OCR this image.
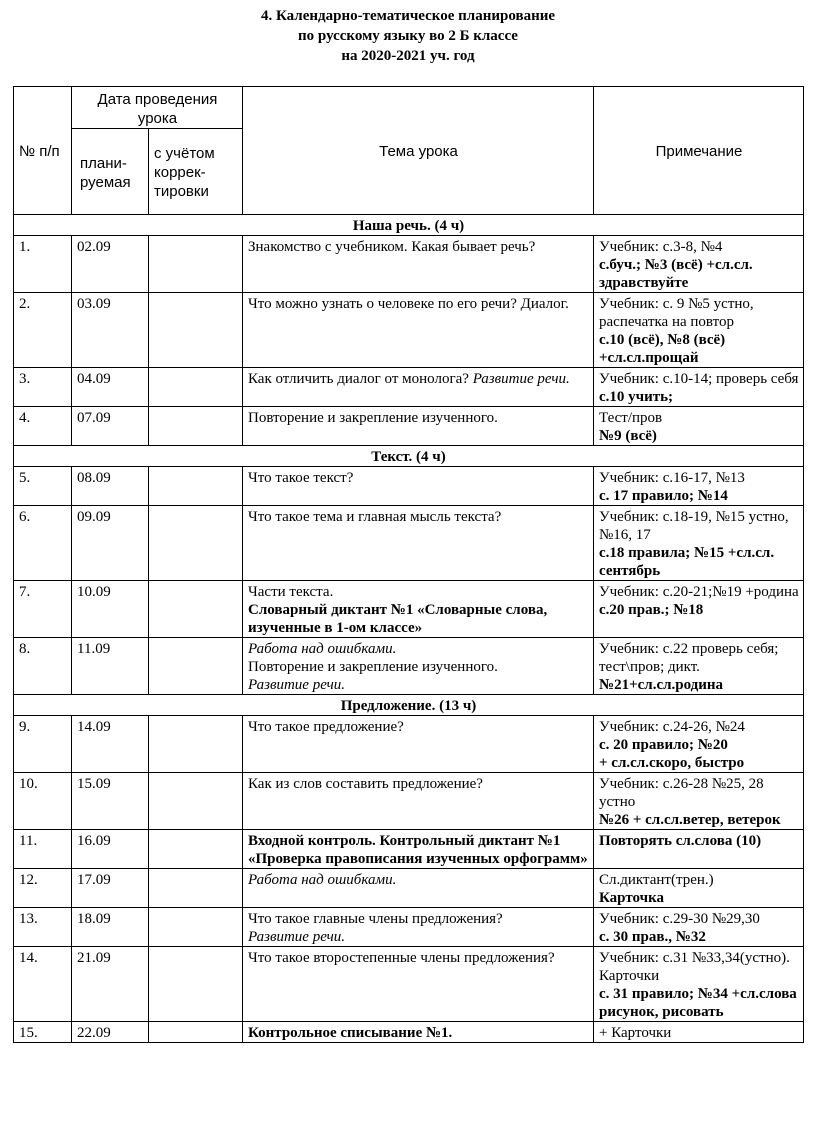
4. Календарно-тематическое планирование
по русскому языку во 2 Б классе
на 2020-2021 уч. год
№ п/п	Дата проведения урока		Тема урока	Примечание
	плани-руемая	с учётом коррек-тировки		
Наша речь. (4 ч)				
1.	02.09		Знакомство с учебником. Какая бывает речь?	Учебник: с.3-8, №4
с.буч.; №3 (всё) +сл.сл. здравствуйте

2.	03.09		Что можно узнать о человеке по его речи? Диалог.	Учебник: с. 9 №5 устно, распечатка на повтор
с.10 (всё), №8 (всё) +сл.сл.прощай

3.	04.09		Как отличить диалог от монолога? Развитие речи.	Учебник: с.10-14; проверь себя
с.10 учить;

4.	07.09		Повторение и закрепление изученного.	Тест/пров
№9 (всё)

Текст. (4 ч)				
5.	08.09		Что такое текст?	Учебник: с.16-17, №13
с. 17 правило; №14

6.	09.09		Что такое тема и главная мысль текста?	Учебник: с.18-19, №15 устно, №16, 17
с.18 правила; №15 +сл.сл. сентябрь

7.	10.09		Части текста.
Словарный диктант №1 «Словарные слова, изученные в 1-ом классе»	Учебник: с.20-21;№19 +родина
с.20 прав.; №18

8.	11.09		Работа над ошибками.
Повторение и закрепление изученного.
Развитие речи.	Учебник: с.22 проверь себя; тест\пров; дикт.
№21+сл.сл.родина

Предложение. (13 ч)				
9.	14.09		Что такое предложение?	Учебник: с.24-26, №24
с. 20 правило; №20
+ сл.сл.скоро, быстро

10.	15.09		Как из слов составить предложение?	Учебник: с.26-28 №25, 28 устно
№26 + сл.сл.ветер, ветерок

11.	16.09		Входной контроль. Контрольный диктант №1 «Проверка правописания изученных орфограмм»	Повторять сл.слова (10)

12.	17.09		Работа над ошибками.	Сл.диктант(трен.)
Карточка

13.	18.09		Что такое главные члены предложения?
Развитие речи.	Учебник: с.29-30 №29,30
с. 30 прав., №32

14.	21.09		Что такое второстепенные члены предложения?	Учебник: с.31 №33,34(устно). Карточки
с. 31 правило; №34 +сл.слова рисунок, рисовать

15.	22.09		Контрольное списывание №1.	+ Карточки
